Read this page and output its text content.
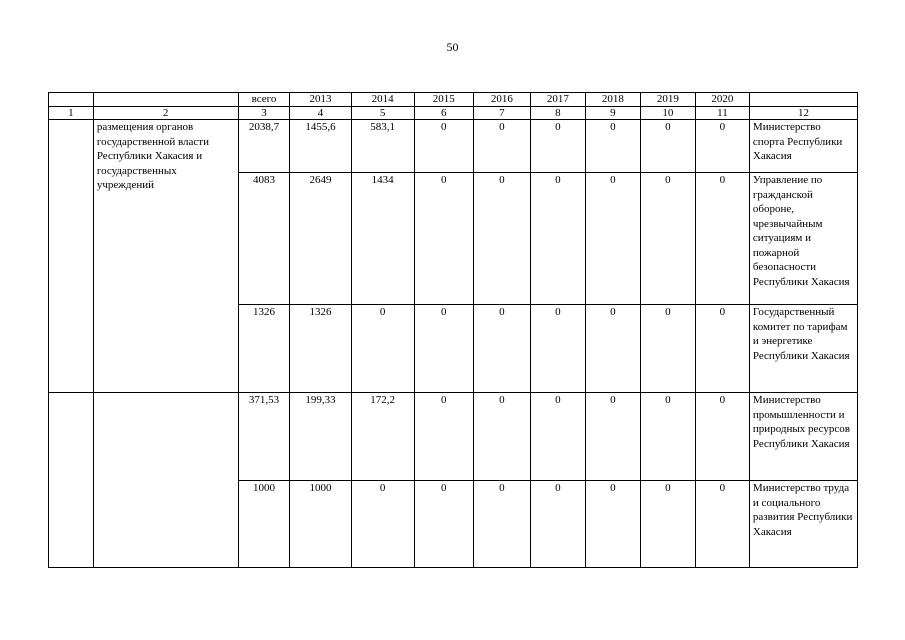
50
		всего	2013	2014	2015	2016	2017	2018	2019	2020	
1	2	3	4	5	6	7	8	9	10	11	12
	размещения органов государственной власти Республики Хакасия и государственных учреждений	2038,7	1455,6	583,1	0	0	0	0	0	0	Министерство спорта Республики Хакасия
		4083	2649	1434	0	0	0	0	0	0	Управление по гражданской обороне, чрезвычайным ситуациям и пожарной безопасности Республики Хакасия
		1326	1326	0	0	0	0	0	0	0	Государственный комитет по тарифам и энергетике Республики Хакасия
		371,53	199,33	172,2	0	0	0	0	0	0	Министерство промышленности и природных ресурсов Республики Хакасия
		1000	1000	0	0	0	0	0	0	0	Министерство труда и социального развития Республики Хакасия
